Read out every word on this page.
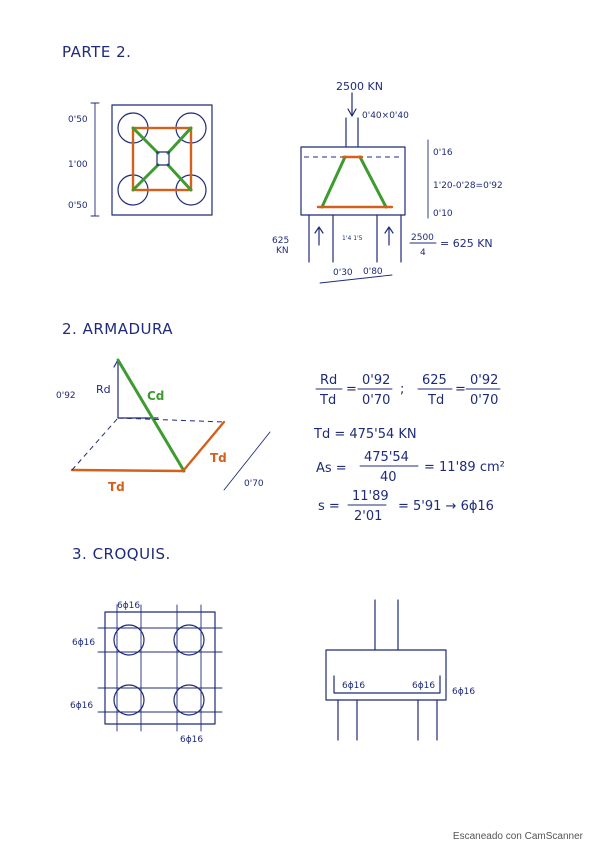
PARTE 2.
2. ARMADURA
3. CROQUIS.
0'50
1'00
0'50
2500 KN
0'40×0'40
0'16
1'20-0'28=0'92
0'10
625
KN
1'4 1'5	2500
4
= 625 KN
0'30 0'80
Rd
0'92	Cd
Td
Td
0'70
Rd
Td
=
0'92
0'70
;
625
Td
=
0'92
0'70
Td = 475'54 KN
As =
475'54
40
= 11'89 cm²
s =
11'89
2'01
= 5'91 → 6ϕ16
6ϕ16
6ϕ16
6ϕ16
6ϕ16
6ϕ16	6ϕ16
6ϕ16
Escaneado con CamScanner
